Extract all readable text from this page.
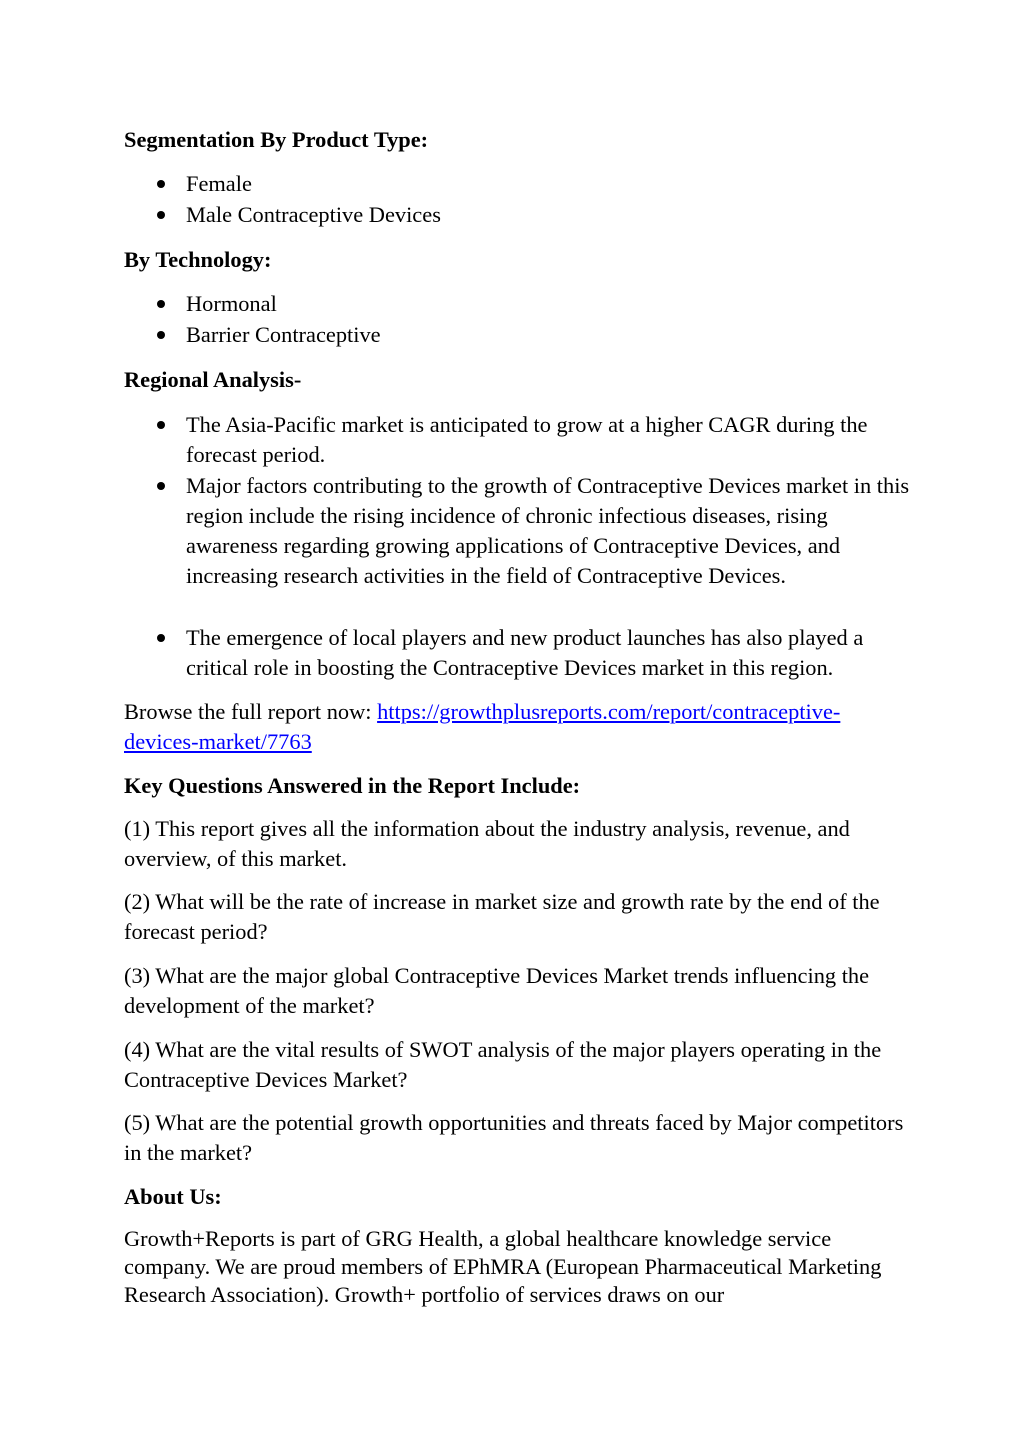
Segmentation By Product Type:

Female

Male Contraceptive Devices

By Technology:

Hormonal

Barrier Contraceptive

Regional Analysis-

The Asia-Pacific market is anticipated to grow at a higher CAGR during the forecast period.

Major factors contributing to the growth of Contraceptive Devices market in this region include the rising incidence of chronic infectious diseases, rising awareness regarding growing applications of Contraceptive Devices, and increasing research activities in the field of Contraceptive Devices.

The emergence of local players and new product launches has also played a critical role in boosting the Contraceptive Devices market in this region.

Browse the full report now: https://growthplusreports.com/report/contraceptive-devices-market/7763

Key Questions Answered in the Report Include:

(1) This report gives all the information about the industry analysis, revenue, and overview, of this market.

(2) What will be the rate of increase in market size and growth rate by the end of the forecast period?

(3) What are the major global Contraceptive Devices Market trends influencing the development of the market?

(4) What are the vital results of SWOT analysis of the major players operating in the Contraceptive Devices Market?

(5) What are the potential growth opportunities and threats faced by Major competitors in the market?

About Us:

Growth+Reports is part of GRG Health, a global healthcare knowledge service company. We are proud members of EPhMRA (European Pharmaceutical Marketing Research Association). Growth+ portfolio of services draws on our
